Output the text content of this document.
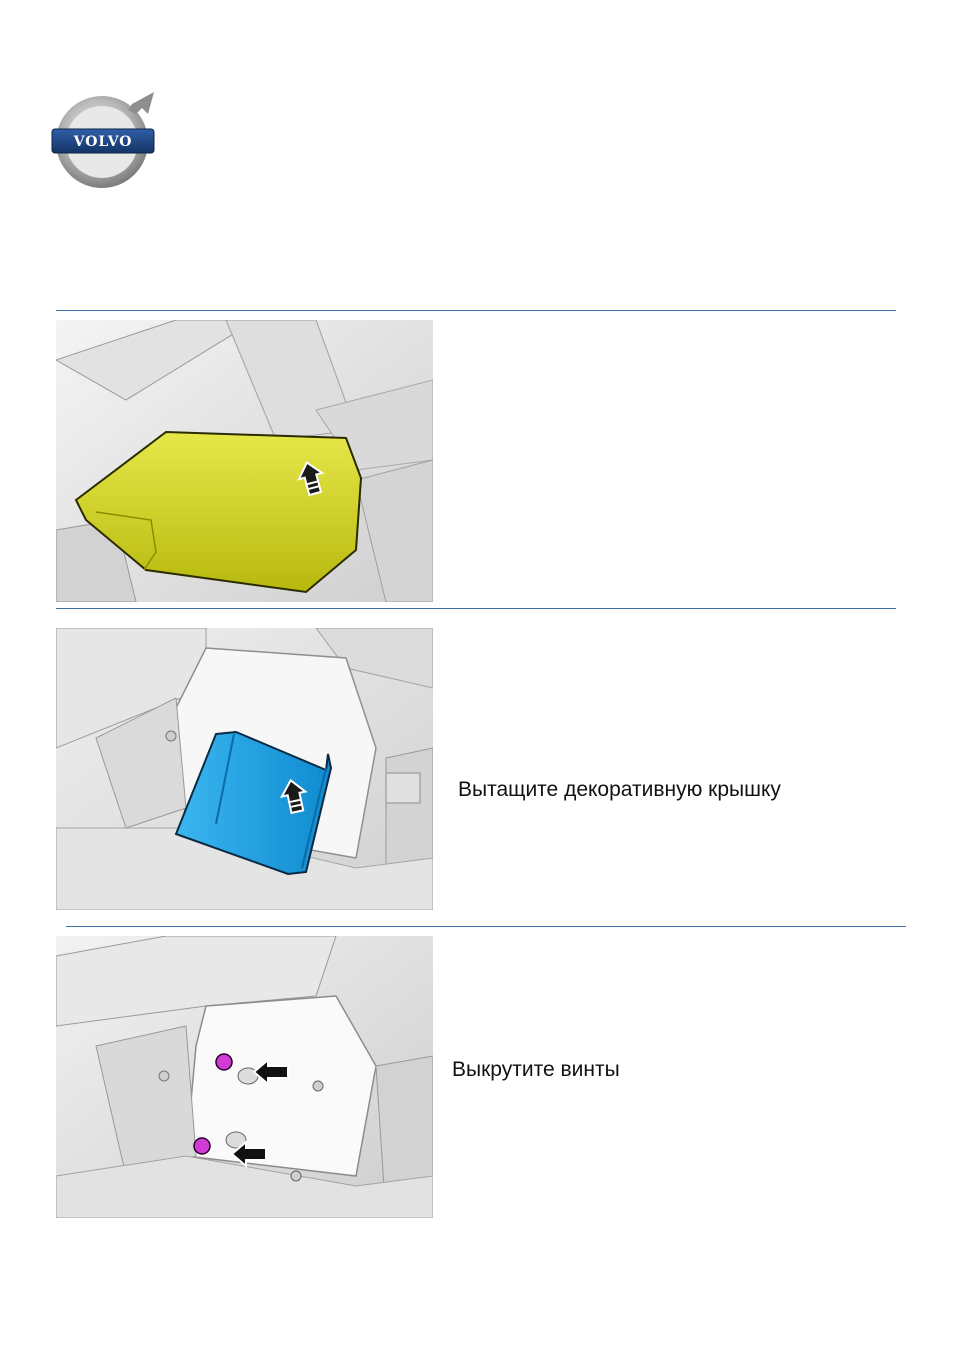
VOLVO
Вытащите декоративную крышку
Выкрутите винты
